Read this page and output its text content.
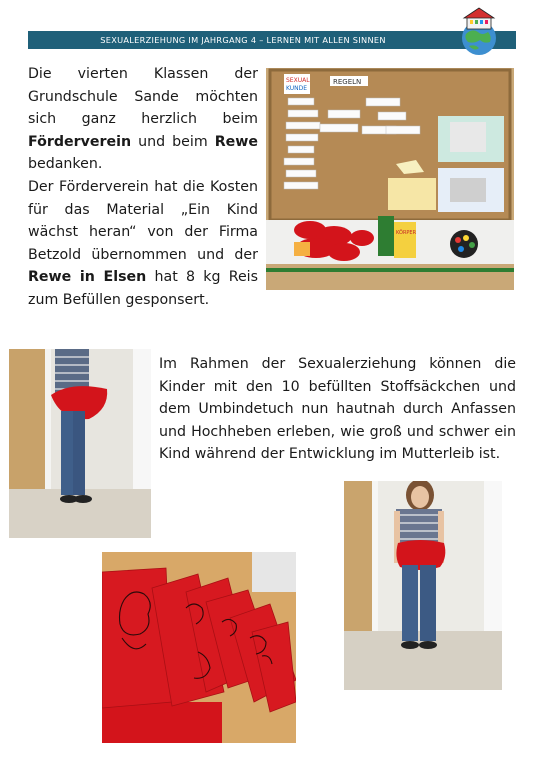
SEXUALERZIEHUNG IM JAHRGANG 4 – LERNEN MIT ALLEN SINNEN

Die vierten Klassen der Grundschule Sande möchten sich ganz herzlich beim Förderverein und beim Rewe bedanken.

Der Förderverein hat die Kosten für das Material „Ein Kind wächst heran“ von der Firma Betzold übernommen und der Rewe in Elsen hat 8 kg Reis zum Befüllen gesponsert.

Im Rahmen der Sexualerziehung können die Kinder mit den 10 befüllten Stoffsäckchen und dem Umbindetuch nun hautnah durch Anfassen und Hochheben erleben, wie groß und schwer ein Kind während der Entwicklung im Mutterleib ist.

SEXUAL
KUNDE
REGELN
KÖRPER
